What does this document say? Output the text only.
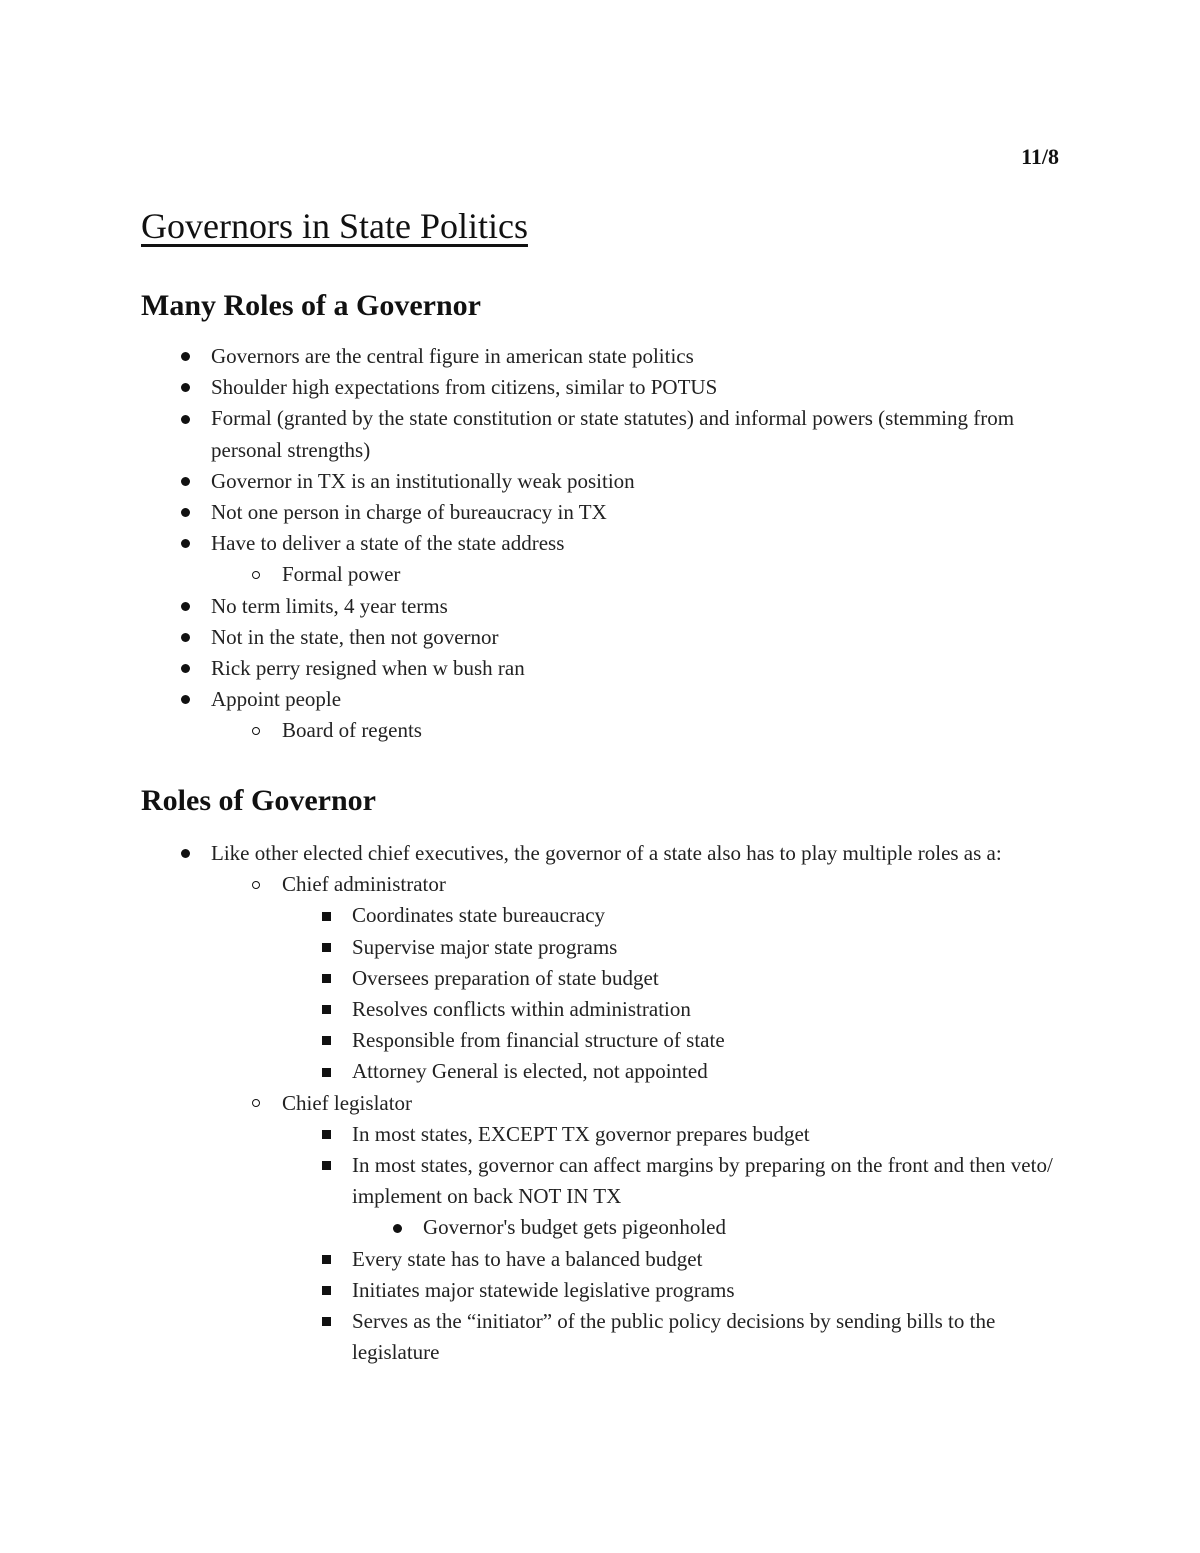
11/8
Governors in State Politics
Many Roles of a Governor
Governors are the central figure in american state politics
Shoulder high expectations from citizens, similar to POTUS
Formal (granted by the state constitution or state statutes) and informal powers (stemming from personal strengths)
Governor in TX is an institutionally weak position
Not one person in charge of bureaucracy in TX
Have to deliver a state of the state address
Formal power
No term limits, 4 year terms
Not in the state, then not governor
Rick perry resigned when w bush ran
Appoint people
Board of regents
Roles of Governor
Like other elected chief executives, the governor of a state also has to play multiple roles as a:
Chief administrator
Coordinates state bureaucracy
Supervise major state programs
Oversees preparation of state budget
Resolves conflicts within administration
Responsible from financial structure of state
Attorney General is elected, not appointed
Chief legislator
In most states, EXCEPT TX governor prepares budget
In most states, governor can affect margins by preparing on the front and then veto/ implement on back NOT IN TX
Governor's budget gets pigeonholed
Every state has to have a balanced budget
Initiates major statewide legislative programs
Serves as the “initiator” of the public policy decisions by sending bills to the legislature
